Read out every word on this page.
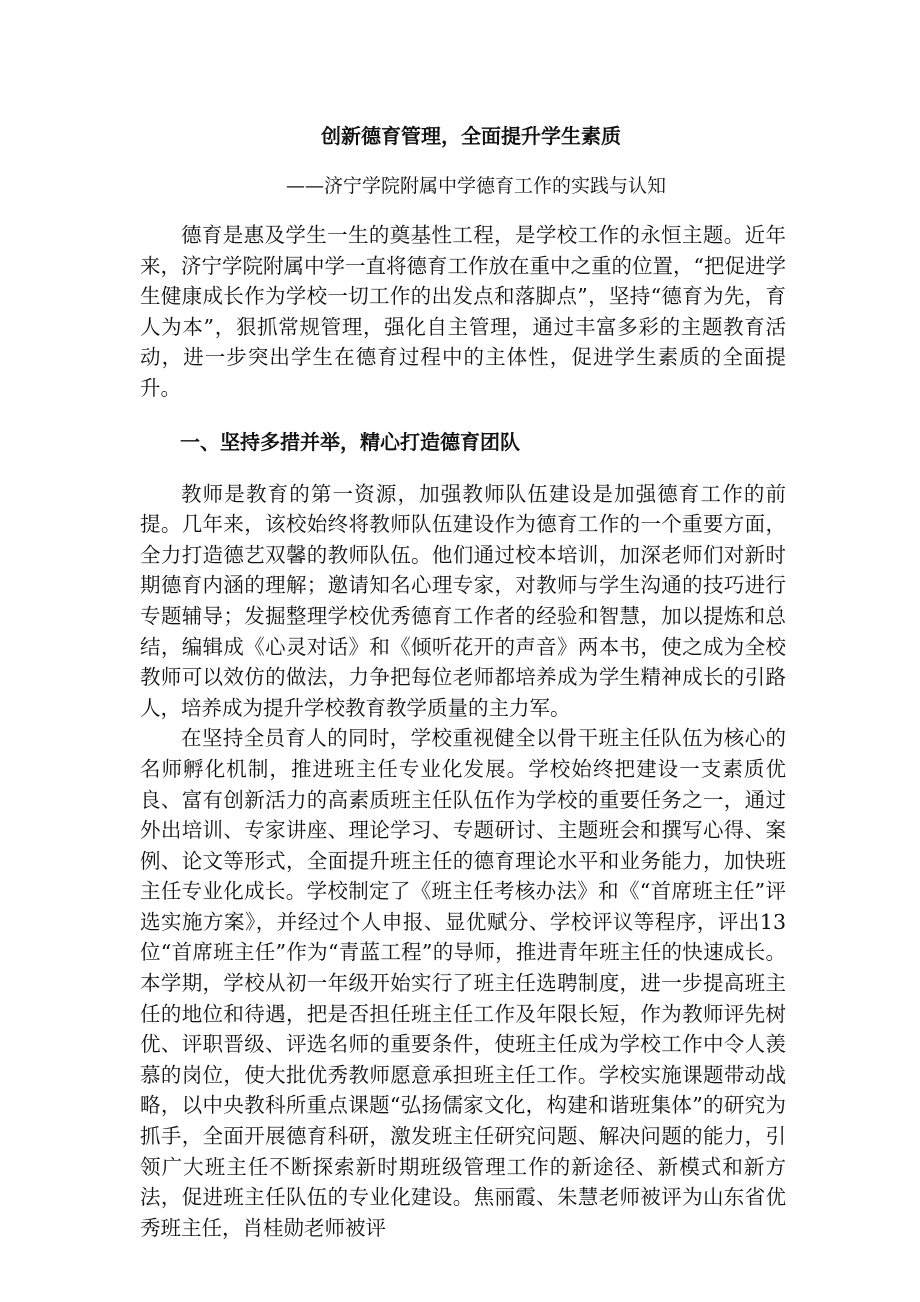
创新德育管理，全面提升学生素质

——济宁学院附属中学德育工作的实践与认知

德育是惠及学生一生的奠基性工程，是学校工作的永恒主题。近年来，济宁学院附属中学一直将德育工作放在重中之重的位置，“把促进学生健康成长作为学校一切工作的出发点和落脚点”，坚持“德育为先，育人为本”，狠抓常规管理，强化自主管理，通过丰富多彩的主题教育活动，进一步突出学生在德育过程中的主体性，促进学生素质的全面提升。

一、坚持多措并举，精心打造德育团队

教师是教育的第一资源，加强教师队伍建设是加强德育工作的前提。几年来，该校始终将教师队伍建设作为德育工作的一个重要方面，全力打造德艺双馨的教师队伍。他们通过校本培训，加深老师们对新时期德育内涵的理解；邀请知名心理专家，对教师与学生沟通的技巧进行专题辅导；发掘整理学校优秀德育工作者的经验和智慧，加以提炼和总结，编辑成《心灵对话》和《倾听花开的声音》两本书，使之成为全校教师可以效仿的做法，力争把每位老师都培养成为学生精神成长的引路人，培养成为提升学校教育教学质量的主力军。

在坚持全员育人的同时，学校重视健全以骨干班主任队伍为核心的名师孵化机制，推进班主任专业化发展。学校始终把建设一支素质优良、富有创新活力的高素质班主任队伍作为学校的重要任务之一，通过外出培训、专家讲座、理论学习、专题研讨、主题班会和撰写心得、案例、论文等形式，全面提升班主任的德育理论水平和业务能力，加快班主任专业化成长。学校制定了《班主任考核办法》和《“首席班主任”评选实施方案》，并经过个人申报、显优赋分、学校评议等程序，评出13位“首席班主任”作为“青蓝工程”的导师，推进青年班主任的快速成长。本学期，学校从初一年级开始实行了班主任选聘制度，进一步提高班主任的地位和待遇，把是否担任班主任工作及年限长短，作为教师评先树优、评职晋级、评选名师的重要条件，使班主任成为学校工作中令人羡慕的岗位，使大批优秀教师愿意承担班主任工作。学校实施课题带动战略，以中央教科所重点课题“弘扬儒家文化，构建和谐班集体”的研究为抓手，全面开展德育科研，激发班主任研究问题、解决问题的能力，引领广大班主任不断探索新时期班级管理工作的新途径、新模式和新方法，促进班主任队伍的专业化建设。焦丽霞、朱慧老师被评为山东省优秀班主任，肖桂勋老师被评
